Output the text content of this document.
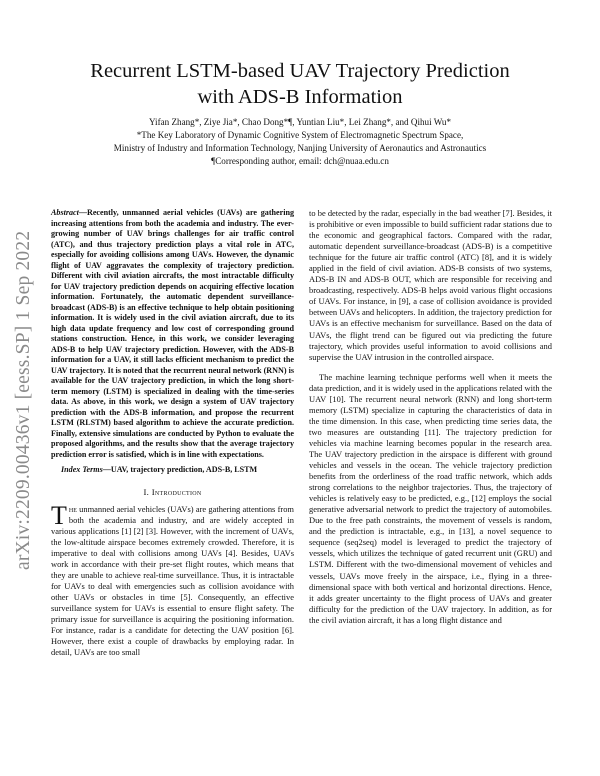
arXiv:2209.00436v1 [eess.SP] 1 Sep 2022
Recurrent LSTM-based UAV Trajectory Prediction
with ADS-B Information
Yifan Zhang*, Ziye Jia*, Chao Dong*¶, Yuntian Liu*, Lei Zhang*, and Qihui Wu*
*The Key Laboratory of Dynamic Cognitive System of Electromagnetic Spectrum Space,
Ministry of Industry and Information Technology, Nanjing University of Aeronautics and Astronautics
¶Corresponding author, email: dch@nuaa.edu.cn

Abstract—Recently, unmanned aerial vehicles (UAVs) are gathering increasing attentions from both the academia and industry. The ever-growing number of UAV brings challenges for air traffic control (ATC), and thus trajectory prediction plays a vital role in ATC, especially for avoiding collisions among UAVs. However, the dynamic flight of UAV aggravates the complexity of trajectory prediction. Different with civil aviation aircrafts, the most intractable difficulty for UAV trajectory prediction depends on acquiring effective location information. Fortunately, the automatic dependent surveillance-broadcast (ADS-B) is an effective technique to help obtain positioning information. It is widely used in the civil aviation aircraft, due to its high data update frequency and low cost of corresponding ground stations construction. Hence, in this work, we consider leveraging ADS-B to help UAV trajectory prediction. However, with the ADS-B information for a UAV, it still lacks efficient mechanism to predict the UAV trajectory. It is noted that the recurrent neural network (RNN) is available for the UAV trajectory prediction, in which the long short-term memory (LSTM) is specialized in dealing with the time-series data. As above, in this work, we design a system of UAV trajectory prediction with the ADS-B information, and propose the recurrent LSTM (RLSTM) based algorithm to achieve the accurate prediction. Finally, extensive simulations are conducted by Python to evaluate the proposed algorithms, and the results show that the average trajectory prediction error is satisfied, which is in line with expectations.

Index Terms—UAV, trajectory prediction, ADS-B, LSTM

I. Introduction

The unmanned aerial vehicles (UAVs) are gathering attentions from both the academia and industry, and are widely accepted in various applications [1] [2] [3]. However, with the increment of UAVs, the low-altitude airspace becomes extremely crowded. Therefore, it is imperative to deal with collisions among UAVs [4]. Besides, UAVs work in accordance with their pre-set flight routes, which means that they are unable to achieve real-time surveillance. Thus, it is intractable for UAVs to deal with emergencies such as collision avoidance with other UAVs or obstacles in time [5]. Consequently, an effective surveillance system for UAVs is essential to ensure flight safety. The primary issue for surveillance is acquiring the positioning information. For instance, radar is a candidate for detecting the UAV position [6]. However, there exist a couple of drawbacks by employing radar. In detail, UAVs are too small

to be detected by the radar, especially in the bad weather [7]. Besides, it is prohibitive or even impossible to build sufficient radar stations due to the economic and geographical factors. Compared with the radar, automatic dependent surveillance-broadcast (ADS-B) is a competitive technique for the future air traffic control (ATC) [8], and it is widely applied in the field of civil aviation. ADS-B consists of two systems, ADS-B IN and ADS-B OUT, which are responsible for receiving and broadcasting, respectively. ADS-B helps avoid various flight occasions of UAVs. For instance, in [9], a case of collision avoidance is provided between UAVs and helicopters. In addition, the trajectory prediction for UAVs is an effective mechanism for surveillance. Based on the data of UAVs, the flight trend can be figured out via predicting the future trajectory, which provides useful information to avoid collisions and supervise the UAV intrusion in the controlled airspace.

The machine learning technique performs well when it meets the data prediction, and it is widely used in the applications related with the UAV [10]. The recurrent neural network (RNN) and long short-term memory (LSTM) specialize in capturing the characteristics of data in the time dimension. In this case, when predicting time series data, the two measures are outstanding [11]. The trajectory prediction for vehicles via machine learning becomes popular in the research area. The UAV trajectory prediction in the airspace is different with ground vehicles and vessels in the ocean. The vehicle trajectory prediction benefits from the orderliness of the road traffic network, which adds strong correlations to the neighbor trajectories. Thus, the trajectory of vehicles is relatively easy to be predicted, e.g., [12] employs the social generative adversarial network to predict the trajectory of automobiles. Due to the free path constraints, the movement of vessels is random, and the prediction is intractable, e.g., in [13], a novel sequence to sequence (seq2seq) model is leveraged to predict the trajectory of vessels, which utilizes the technique of gated recurrent unit (GRU) and LSTM. Different with the two-dimensional movement of vehicles and vessels, UAVs move freely in the airspace, i.e., flying in a three-dimensional space with both vertical and horizontal directions. Hence, it adds greater uncertainty to the flight process of UAVs and greater difficulty for the prediction of the UAV trajectory. In addition, as for the civil aviation aircraft, it has a long flight distance and
